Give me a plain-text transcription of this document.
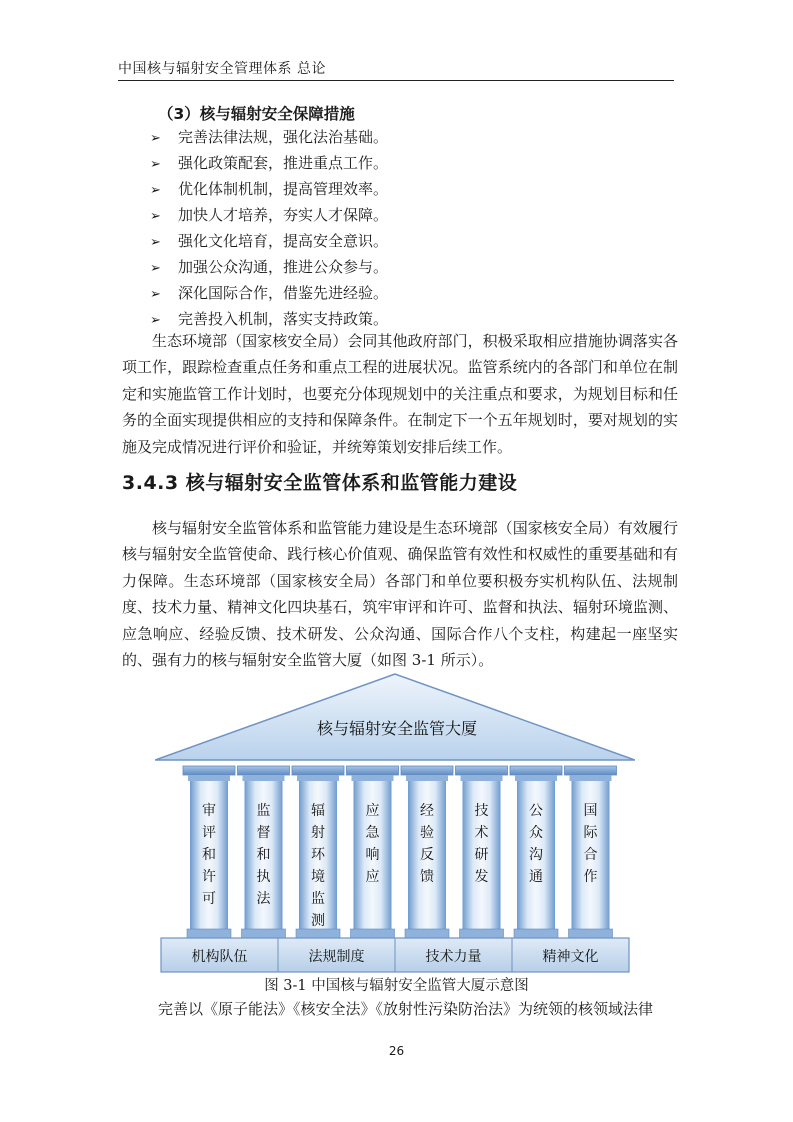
中国核与辐射安全管理体系 总论
（3）核与辐射安全保障措施
➢ 完善法律法规，强化法治基础。
➢ 强化政策配套，推进重点工作。
➢ 优化体制机制，提高管理效率。
➢ 加快人才培养，夯实人才保障。
➢ 强化文化培育，提高安全意识。
➢ 加强公众沟通，推进公众参与。
➢ 深化国际合作，借鉴先进经验。
➢ 完善投入机制，落实支持政策。

生态环境部（国家核安全局）会同其他政府部门，积极采取相应措施协调落实各项工作，跟踪检查重点任务和重点工程的进展状况。监管系统内的各部门和单位在制定和实施监管工作计划时，也要充分体现规划中的关注重点和要求，为规划目标和任务的全面实现提供相应的支持和保障条件。在制定下一个五年规划时，要对规划的实施及完成情况进行评价和验证，并统筹策划安排后续工作。

3.4.3 核与辐射安全监管体系和监管能力建设

核与辐射安全监管体系和监管能力建设是生态环境部（国家核安全局）有效履行核与辐射安全监管使命、践行核心价值观、确保监管有效性和权威性的重要基础和有力保障。生态环境部（国家核安全局）各部门和单位要积极夯实机构队伍、法规制度、技术力量、精神文化四块基石，筑牢审评和许可、监督和执法、辐射环境监测、应急响应、经验反馈、技术研发、公众沟通、国际合作八个支柱，构建起一座坚实的、强有力的核与辐射安全监管大厦（如图 3-1 所示）。

核与辐射安全监管大厦
审评和许可
监督和执法
辐射环境监测
应急响应
经验反馈
技术研发
公众沟通
国际合作
机构队伍	法规制度	技术力量	精神文化
图 3-1 中国核与辐射安全监管大厦示意图
完善以《原子能法》《核安全法》《放射性污染防治法》为统领的核领域法律
26
